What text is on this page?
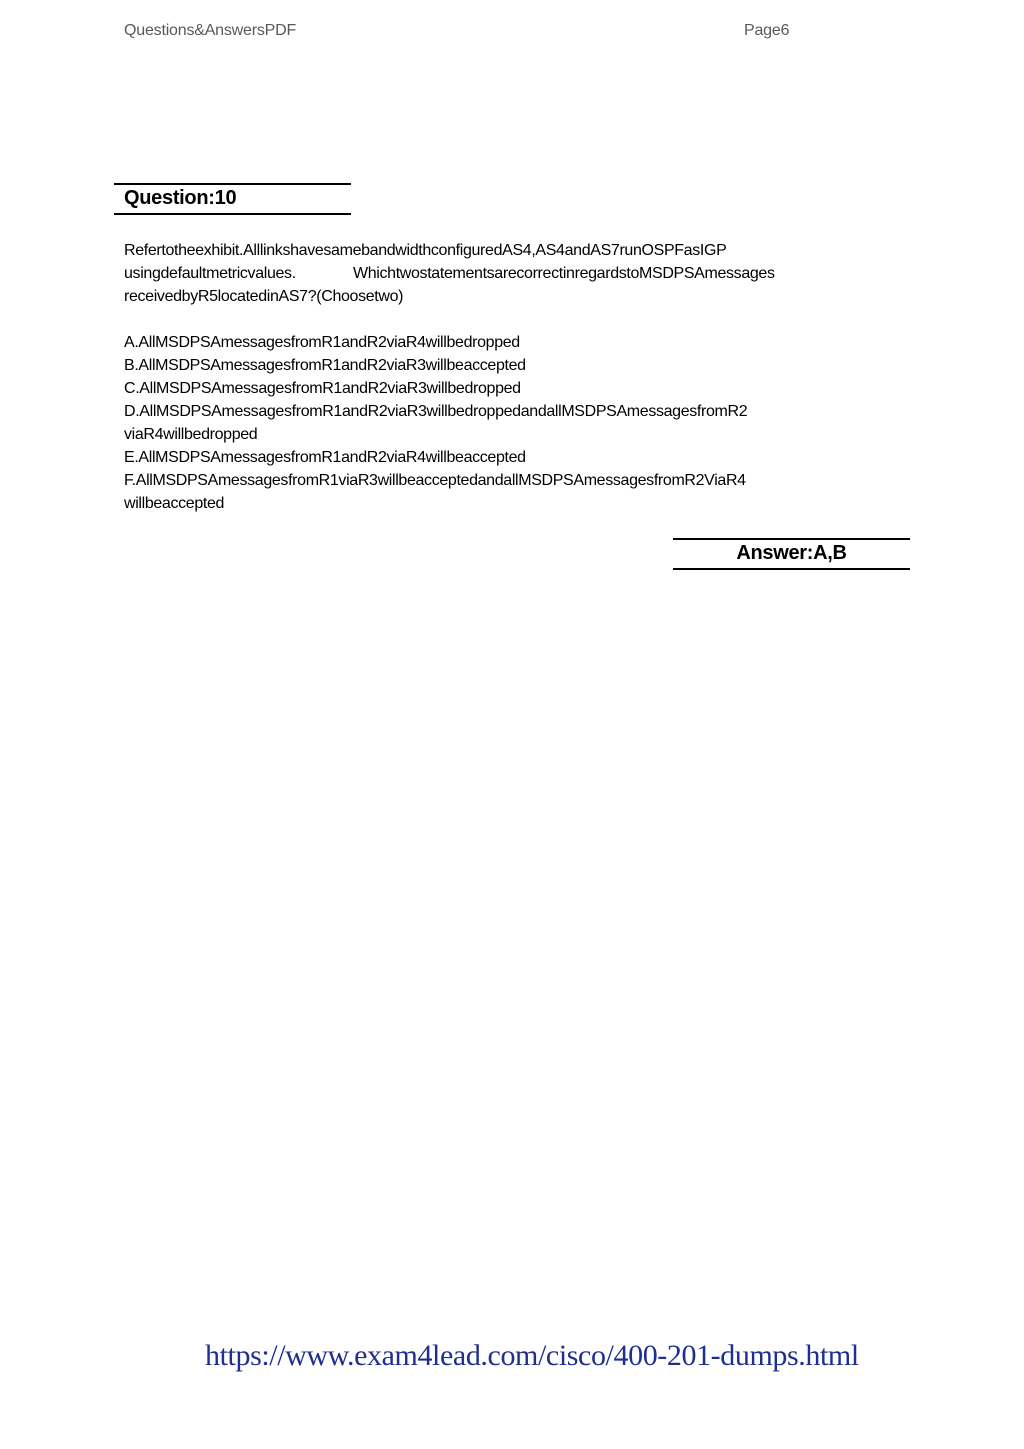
Questions&AnswersPDF	Page6
Question:10
Refertotheexhibit.AlllinkshavesamebandwidthconfiguredAS4,AS4andAS7runOSPFasIGP
usingdefaultmetricvalues.	WhichtwostatementsarecorrectinregardstoMSDPSAmessages
receivedbyR5locatedinAS7?(Choosetwo)
A.AllMSDPSAmessagesfromR1andR2viaR4willbedropped
B.AllMSDPSAmessagesfromR1andR2viaR3willbeaccepted
C.AllMSDPSAmessagesfromR1andR2viaR3willbedropped
D.AllMSDPSAmessagesfromR1andR2viaR3willbedroppedandallMSDPSAmessagesfromR2
viaR4willbedropped
E.AllMSDPSAmessagesfromR1andR2viaR4willbeaccepted
F.AllMSDPSAmessagesfromR1viaR3willbeacceptedandallMSDPSAmessagesfromR2ViaR4
willbeaccepted
Answer:A,B
https://www.exam4lead.com/cisco/400-201-dumps.html
